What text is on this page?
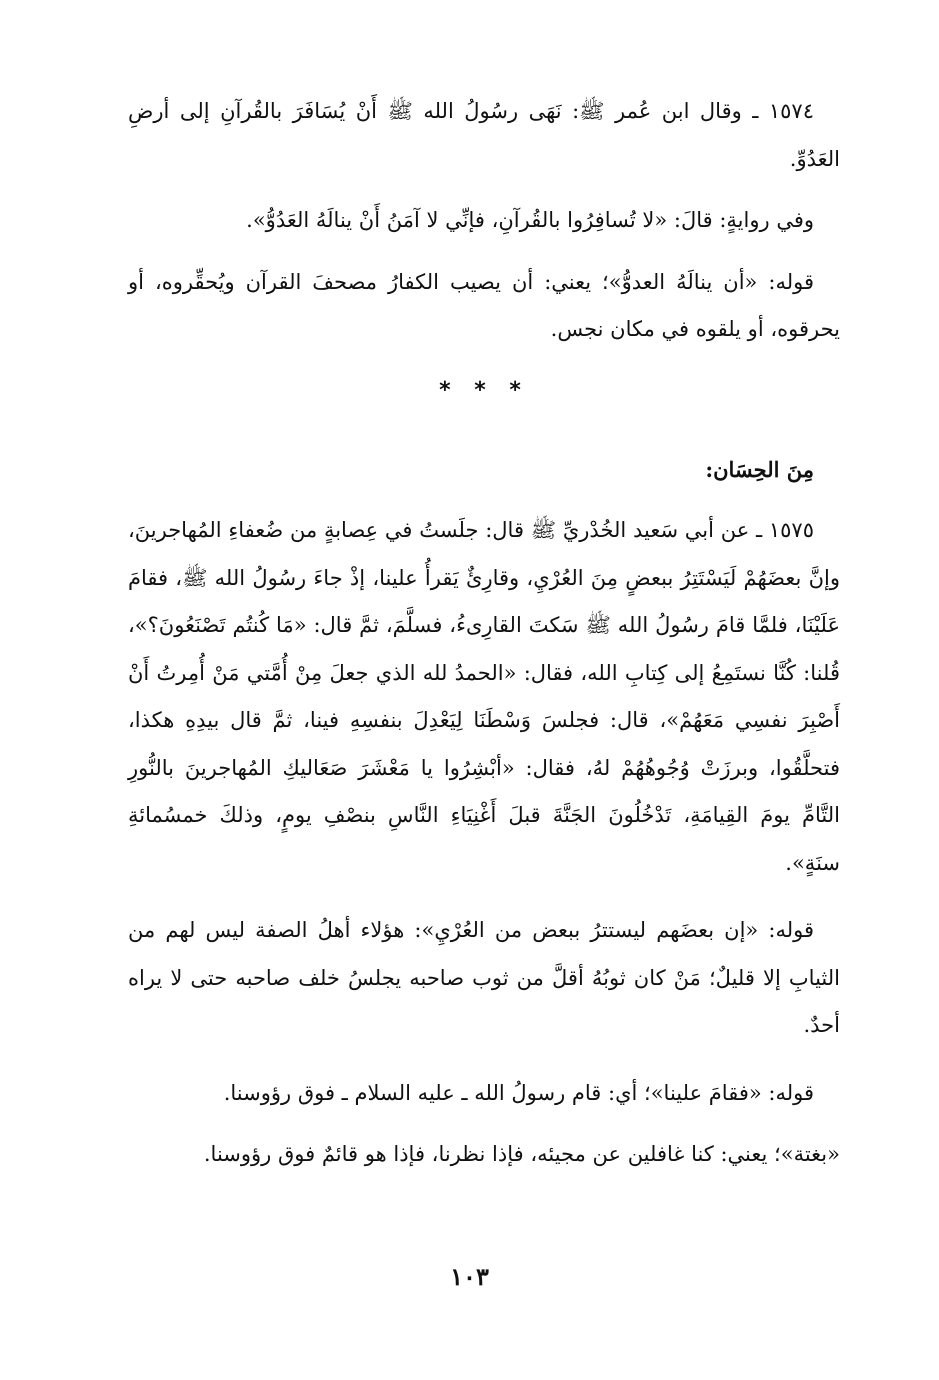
١٥٧٤ ـ وقال ابن عُمر ﷺ: نَهَى رسُولُ الله ﷺ أَنْ يُسَافَرَ بالقُرآنِ إلى أرضِ العَدُوِّ.

وفي روايةٍ: قالَ: «لا تُسافِرُوا بالقُرآنِ، فإنِّي لا آمَنُ أَنْ ينالَهُ العَدُوُّ».

قوله: «أن ينالَهُ العدوُّ»؛ يعني: أن يصيب الكفارُ مصحفَ القرآن ويُحقِّروه، أو يحرقوه، أو يلقوه في مكان نجس.

* * *

مِنَ الحِسَان:

١٥٧٥ ـ عن أبي سَعيد الخُدْريِّ ﷺ قال: جلَستُ في عِصابةٍ من ضُعفاءِ المُهاجرينَ، وإنَّ بعضَهُمْ لَيَسْتَتِرُ ببعضٍ مِنَ العُرْيِ، وقارِئٌ يَقرأُ علينا، إذْ جاءَ رسُولُ الله ﷺ، فقامَ عَلَيْنَا، فلمَّا قامَ رسُولُ الله ﷺ سَكتَ القارِىءُ، فسلَّمَ، ثمَّ قال: «مَا كُنتُم تَصْنَعُونَ؟»، قُلنا: كُنَّا نستَمِعُ إلى كِتابِ الله، فقال: «الحمدُ لله الذي جعلَ مِنْ أُمَّتي مَنْ أُمِرتُ أَنْ أَصْبِرَ نفسِي مَعَهُمْ»، قال: فجلسَ وَسْطَنَا لِيَعْدِلَ بنفسِهِ فينا، ثمَّ قال بيدِهِ هكذا، فتحلَّقُوا، وبرزَتْ وُجُوهُهُمْ لهُ، فقال: «أبْشِرُوا يا مَعْشَرَ صَعَاليكِ المُهاجرينَ بالنُّورِ التَّامِّ يومَ القِيامَةِ، تَدْخُلُونَ الجَنَّةَ قبلَ أَغْنِيَاءِ النَّاسِ بنصْفِ يومٍ، وذلكَ خمسُمائةِ سنَةٍ».

قوله: «إن بعضَهم ليستترُ ببعض من العُرْيِ»: هؤلاء أهلُ الصفة ليس لهم من الثيابِ إلا قليلٌ؛ مَنْ كان ثوبُهُ أقلَّ من ثوب صاحبه يجلسُ خلف صاحبه حتى لا يراه أحدٌ.

قوله: «فقامَ علينا»؛ أي: قام رسولُ الله ـ عليه السلام ـ فوق رؤوسنا.

«بغتة»؛ يعني: كنا غافلين عن مجيئه، فإذا نظرنا، فإذا هو قائمٌ فوق رؤوسنا.

١٠٣
